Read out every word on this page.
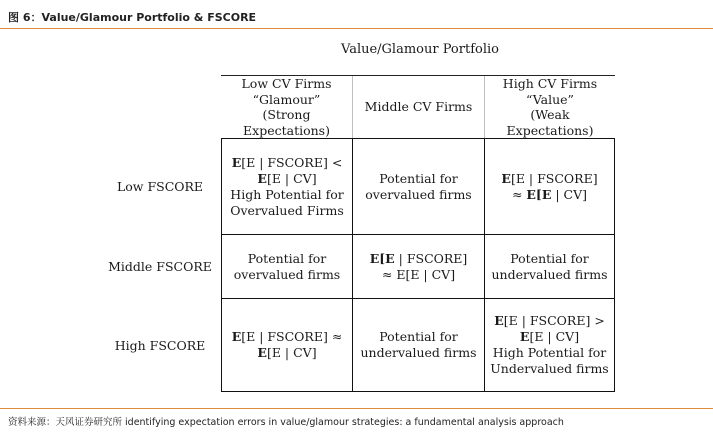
图 6：Value/Glamour Portfolio & FSCORE
Value/Glamour Portfolio
Low CV Firms
“Glamour”
(Strong
Expectations)
Middle CV Firms
High CV Firms
“Value”
(Weak
Expectations)
Low FSCORE
Middle FSCORE
High FSCORE
E[E | FSCORE] <
E[E | CV]
High Potential for
Overvalued Firms
Potential for
overvalued firms
E[E | FSCORE]
≈ E[E | CV]
Potential for
overvalued firms
E[E | FSCORE]
≈ E[E | CV]
Potential for
undervalued firms
E[E | FSCORE] ≈
E[E | CV]
Potential for
undervalued firms
E[E | FSCORE] >
E[E | CV]
High Potential for
Undervalued firms
资料来源：天风证券研究所 identifying expectation errors in value/glamour strategies: a fundamental analysis approach
